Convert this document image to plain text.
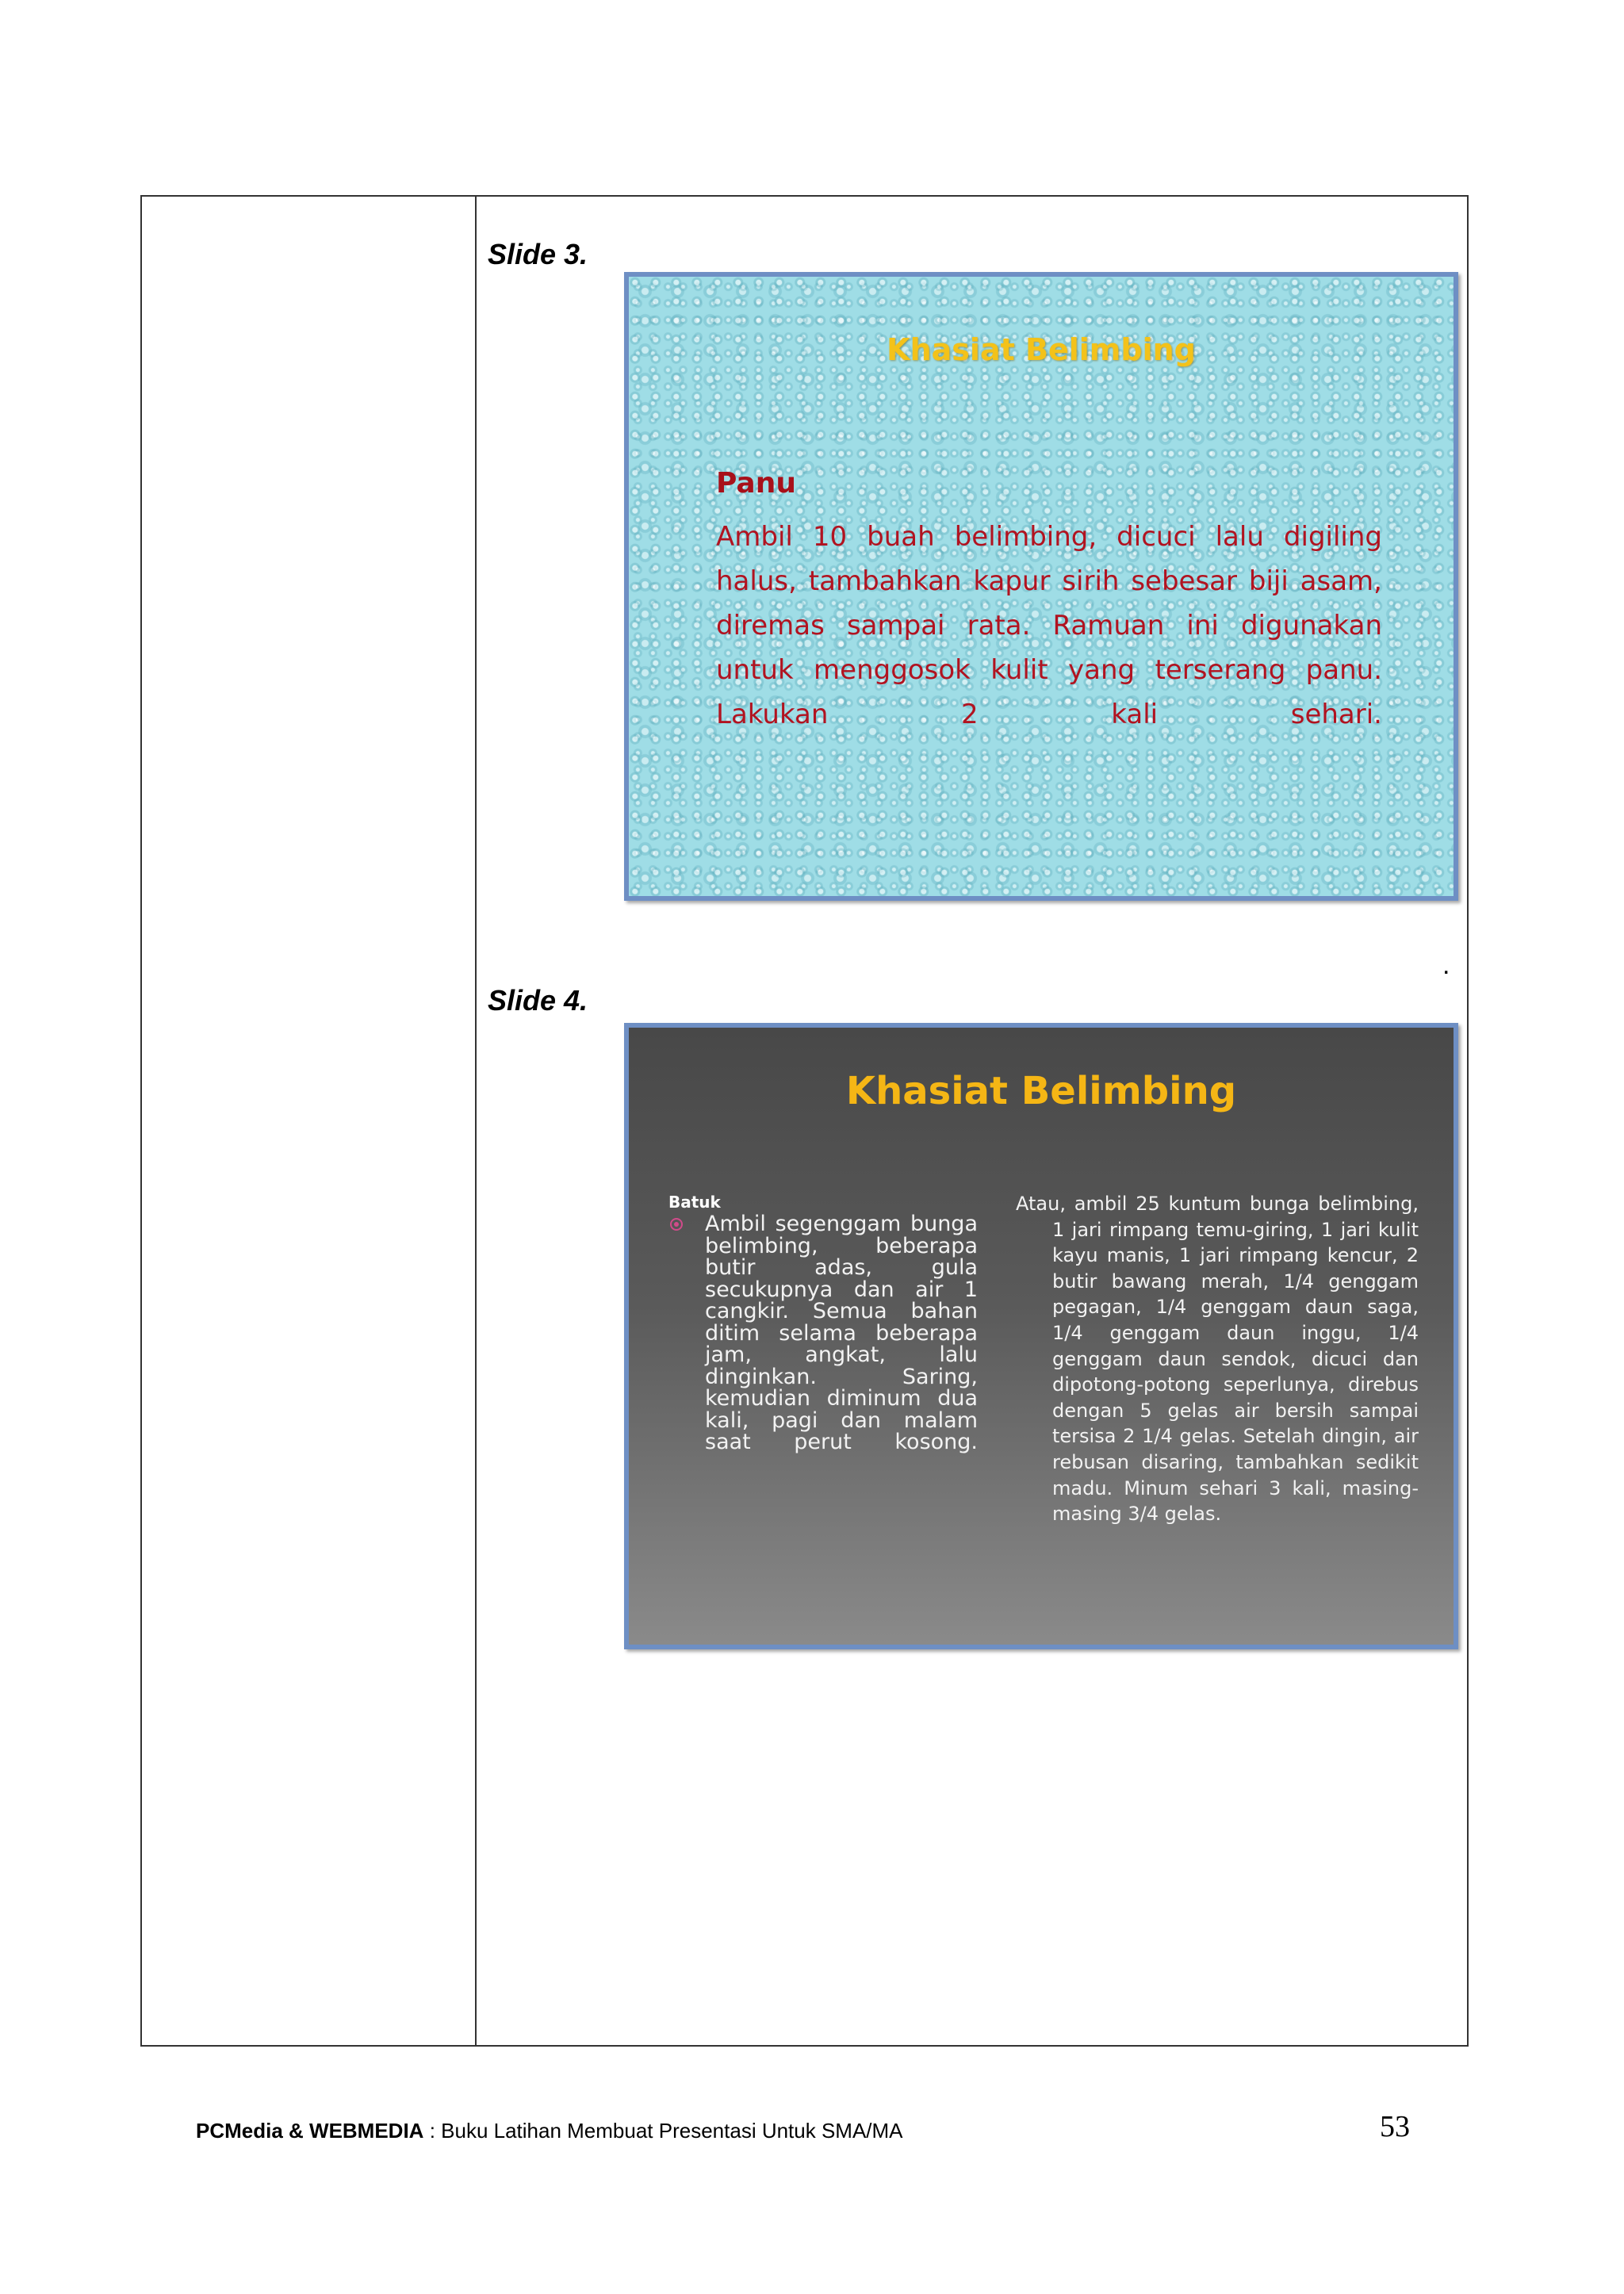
Slide 3.
Khasiat Belimbing
Panu
Ambil 10 buah belimbing, dicuci lalu digiling halus, tambahkan kapur sirih sebesar biji asam, diremas sampai rata. Ramuan ini digunakan untuk menggosok kulit yang terserang panu. Lakukan 2 kali sehari.
.
Slide 4.
Khasiat Belimbing
Batuk
Ambil segenggam bunga belimbing, beberapa butir adas, gula secukupnya dan air 1 cangkir. Semua bahan ditim selama beberapa jam, angkat, lalu dinginkan. Saring, kemudian diminum dua kali, pagi dan malam saat perut kosong.
Atau, ambil 25 kuntum bunga belimbing, 1 jari rimpang temu-giring, 1 jari kulit kayu manis, 1 jari rimpang kencur, 2 butir bawang merah, 1/4 genggam pegagan, 1/4 genggam daun saga, 1/4 genggam daun inggu, 1/4 genggam daun sendok, dicuci dan dipotong-potong seperlunya, direbus dengan 5 gelas air bersih sampai tersisa 2 1/4 gelas. Setelah dingin, air rebusan disaring, tambahkan sedikit madu. Minum sehari 3 kali, masing-masing 3/4 gelas.
PCMedia & WEBMEDIA : Buku Latihan Membuat Presentasi Untuk SMA/MA	53
